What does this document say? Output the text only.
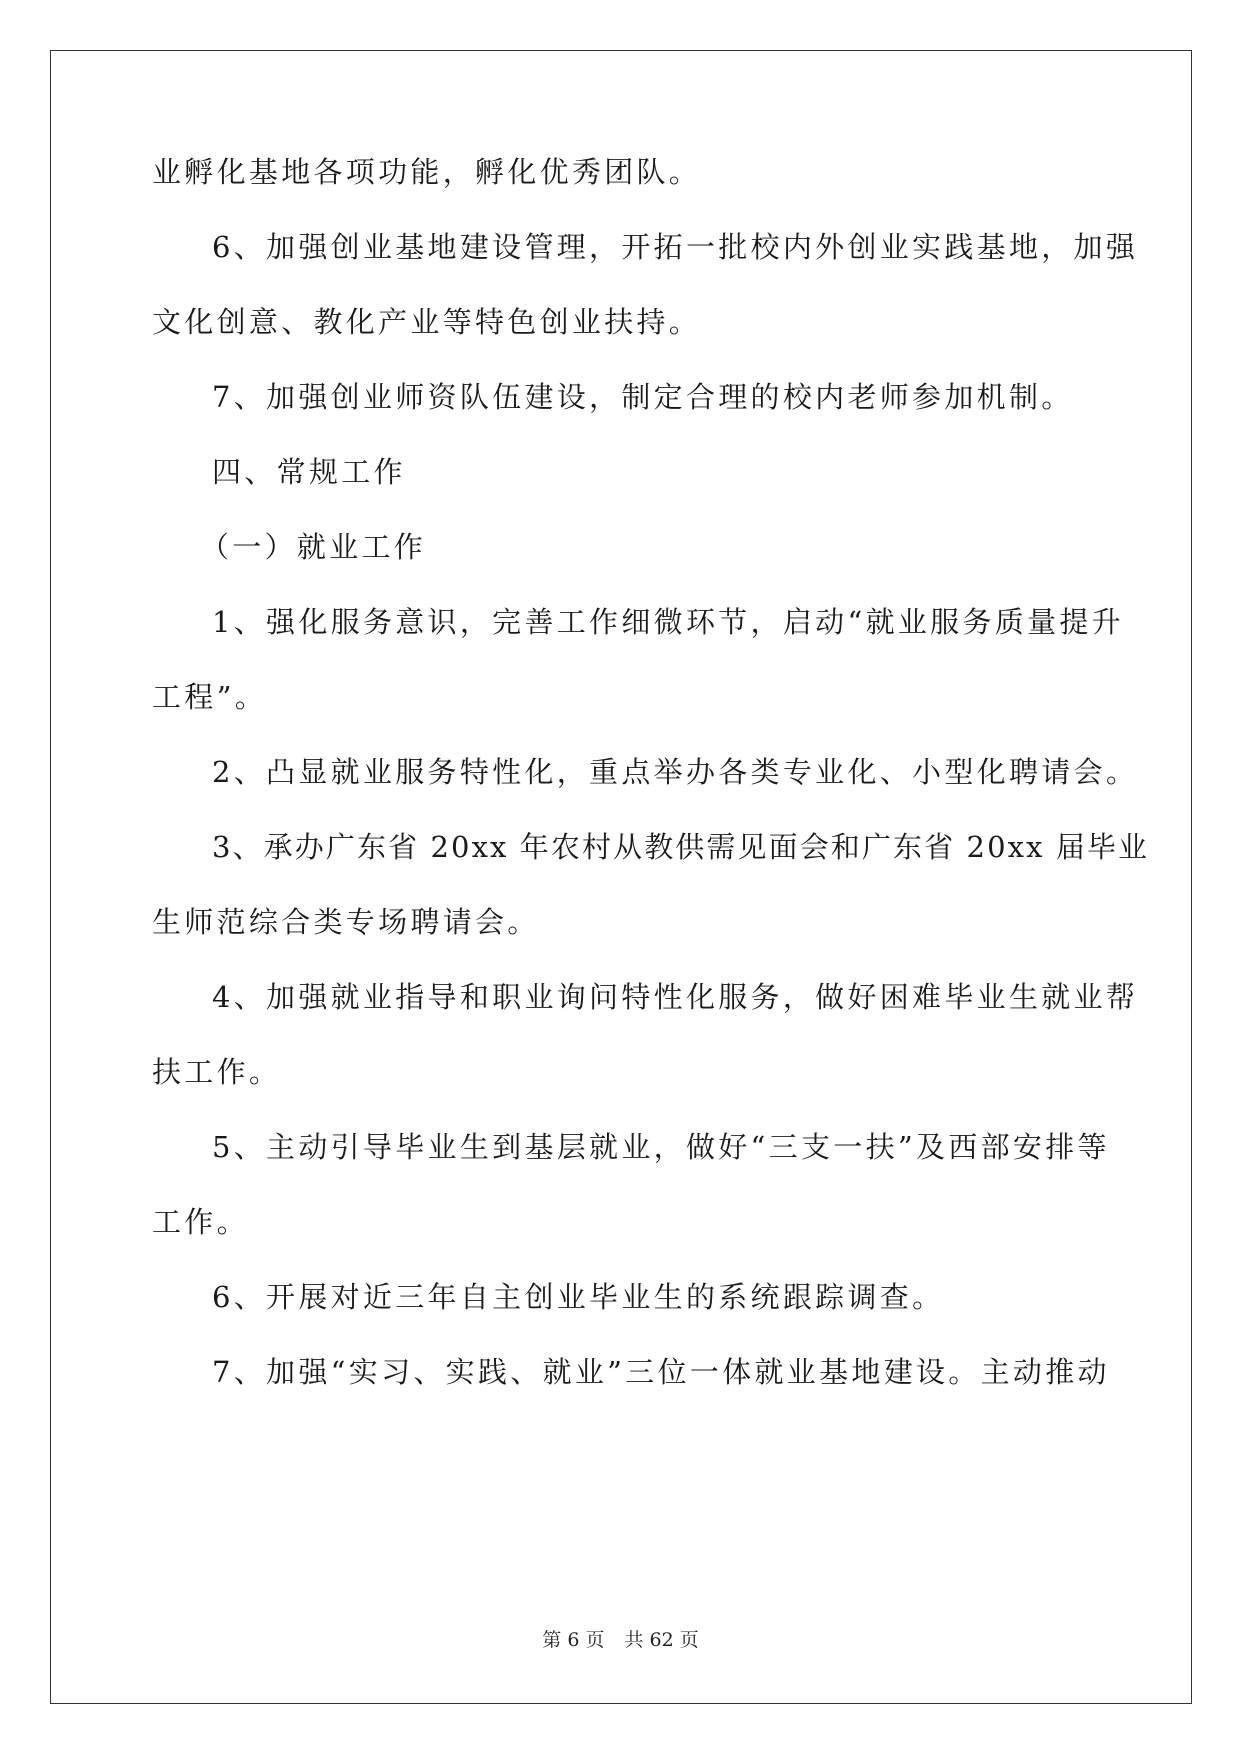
业孵化基地各项功能，孵化优秀团队。
6、加强创业基地建设管理，开拓一批校内外创业实践基地，加强
文化创意、教化产业等特色创业扶持。
7、加强创业师资队伍建设，制定合理的校内老师参加机制。
四、常规工作
（一）就业工作
1、强化服务意识，完善工作细微环节，启动“就业服务质量提升
工程”。
2、凸显就业服务特性化，重点举办各类专业化、小型化聘请会。
3、承办广东省 20xx 年农村从教供需见面会和广东省 20xx 届毕业
生师范综合类专场聘请会。
4、加强就业指导和职业询问特性化服务，做好困难毕业生就业帮
扶工作。
5、主动引导毕业生到基层就业，做好“三支一扶”及西部安排等
工作。
6、开展对近三年自主创业毕业生的系统跟踪调查。
7、加强“实习、实践、就业”三位一体就业基地建设。主动推动
第 6 页 共 62 页
